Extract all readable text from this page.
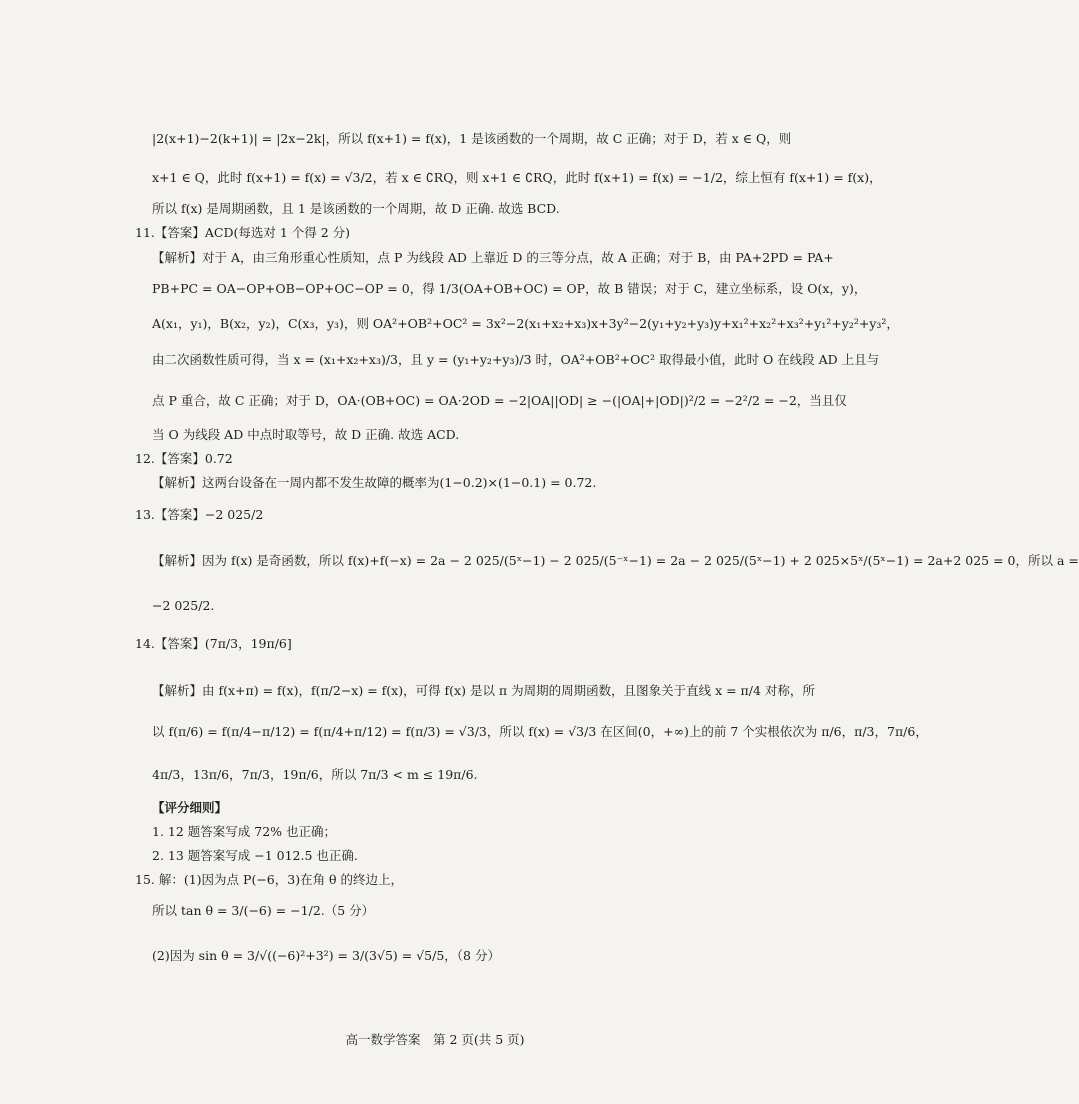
|2(x+1)−2(k+1)| = |2x−2k|，所以 f(x+1) = f(x)，1 是该函数的一个周期，故 C 正确；对于 D，若 x ∈ Q，则
x+1 ∈ Q，此时 f(x+1) = f(x) = √3/2，若 x ∈ ∁RQ，则 x+1 ∈ ∁RQ，此时 f(x+1) = f(x) = −1/2，综上恒有 f(x+1) = f(x)，
所以 f(x) 是周期函数，且 1 是该函数的一个周期，故 D 正确. 故选 BCD.
11.【答案】ACD(每选对 1 个得 2 分)
【解析】对于 A，由三角形重心性质知，点 P 为线段 AD 上靠近 D 的三等分点，故 A 正确；对于 B，由 PA+2PD = PA+
PB+PC = OA−OP+OB−OP+OC−OP = 0，得 1/3(OA+OB+OC) = OP，故 B 错误；对于 C，建立坐标系，设 O(x，y)，
A(x₁，y₁)，B(x₂，y₂)，C(x₃，y₃)，则 OA²+OB²+OC² = 3x²−2(x₁+x₂+x₃)x+3y²−2(y₁+y₂+y₃)y+x₁²+x₂²+x₃²+y₁²+y₂²+y₃²，
由二次函数性质可得，当 x = (x₁+x₂+x₃)/3，且 y = (y₁+y₂+y₃)/3 时，OA²+OB²+OC² 取得最小值，此时 O 在线段 AD 上且与
点 P 重合，故 C 正确；对于 D，OA·(OB+OC) = OA·2OD = −2|OA||OD| ≥ −(|OA|+|OD|)²/2 = −2²/2 = −2，当且仅
当 O 为线段 AD 中点时取等号，故 D 正确. 故选 ACD.
12.【答案】0.72
【解析】这两台设备在一周内都不发生故障的概率为(1−0.2)×(1−0.1) = 0.72.
13.【答案】−2 025/2
【解析】因为 f(x) 是奇函数，所以 f(x)+f(−x) = 2a − 2 025/(5ˣ−1) − 2 025/(5⁻ˣ−1) = 2a − 2 025/(5ˣ−1) + 2 025×5ˣ/(5ˣ−1) = 2a+2 025 = 0，所以 a =
−2 025/2.
14.【答案】(7π/3，19π/6]
【解析】由 f(x+π) = f(x)，f(π/2−x) = f(x)，可得 f(x) 是以 π 为周期的周期函数，且图象关于直线 x = π/4 对称，所
以 f(π/6) = f(π/4−π/12) = f(π/4+π/12) = f(π/3) = √3/3，所以 f(x) = √3/3 在区间(0，+∞)上的前 7 个实根依次为 π/6，π/3，7π/6，
4π/3，13π/6，7π/3，19π/6，所以 7π/3 < m ≤ 19π/6.
【评分细则】
1. 12 题答案写成 72% 也正确；
2. 13 题答案写成 −1 012.5 也正确.
15. 解：(1)因为点 P(−6，3)在角 θ 的终边上，
所以 tan θ = 3/(−6) = −1/2.（5 分）
(2)因为 sin θ = 3/√((−6)²+3²) = 3/(3√5) = √5/5，（8 分）
高一数学答案　第 2 页(共 5 页)
